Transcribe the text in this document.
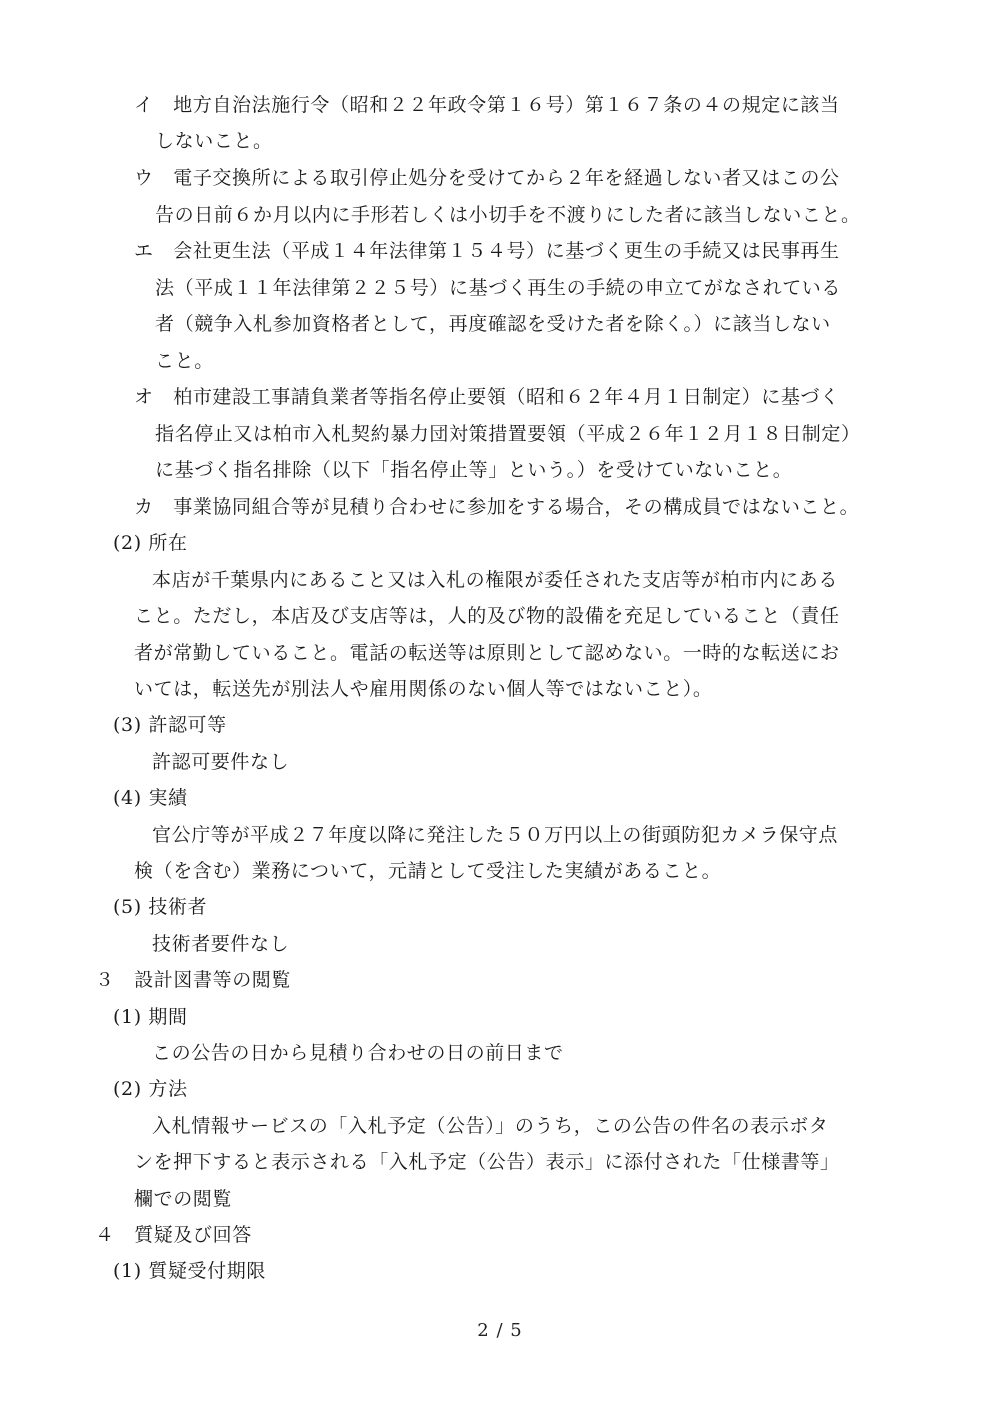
イ　 地方自治法施行令（昭和２２年政令第１６号）第１６７条の４の規定に該当
しないこと。
ウ　 電子交換所による取引停止処分を受けてから２年を経過しない者又はこの公
告の日前６か月以内に手形若しくは小切手を不渡りにした者に該当しないこと。
エ　 会社更生法（平成１４年法律第１５４号）に基づく更生の手続又は民事再生
法（平成１１年法律第２２５号）に基づく再生の手続の申立てがなされている
者（競争入札参加資格者として，再度確認を受けた者を除く。）に該当しない
こと。
オ　 柏市建設工事請負業者等指名停止要領（昭和６２年４月１日制定）に基づく
指名停止又は柏市入札契約暴力団対策措置要領（平成２６年１２月１８日制定）
に基づく指名排除（以下「指名停止等」という。）を受けていないこと。
カ　 事業協同組合等が見積り合わせに参加をする場合，その構成員ではないこと。
(2) 所在
本店が千葉県内にあること又は入札の権限が委任された支店等が柏市内にある
こと。ただし，本店及び支店等は，人的及び物的設備を充足していること（責任
者が常勤していること。電話の転送等は原則として認めない。一時的な転送にお
いては，転送先が別法人や雇用関係のない個人等ではないこと）。
(3) 許認可等
許認可要件なし
(4) 実績
官公庁等が平成２７年度以降に発注した５０万円以上の街頭防犯カメラ保守点
検（を含む）業務について，元請として受注した実績があること。
(5) 技術者
技術者要件なし
３　設計図書等の閲覧
(1) 期間
この公告の日から見積り合わせの日の前日まで
(2) 方法
入札情報サービスの「入札予定（公告）」のうち，この公告の件名の表示ボタ
ンを押下すると表示される「入札予定（公告）表示」に添付された「仕様書等」
欄での閲覧
４　質疑及び回答
(1) 質疑受付期限
2 / 5
